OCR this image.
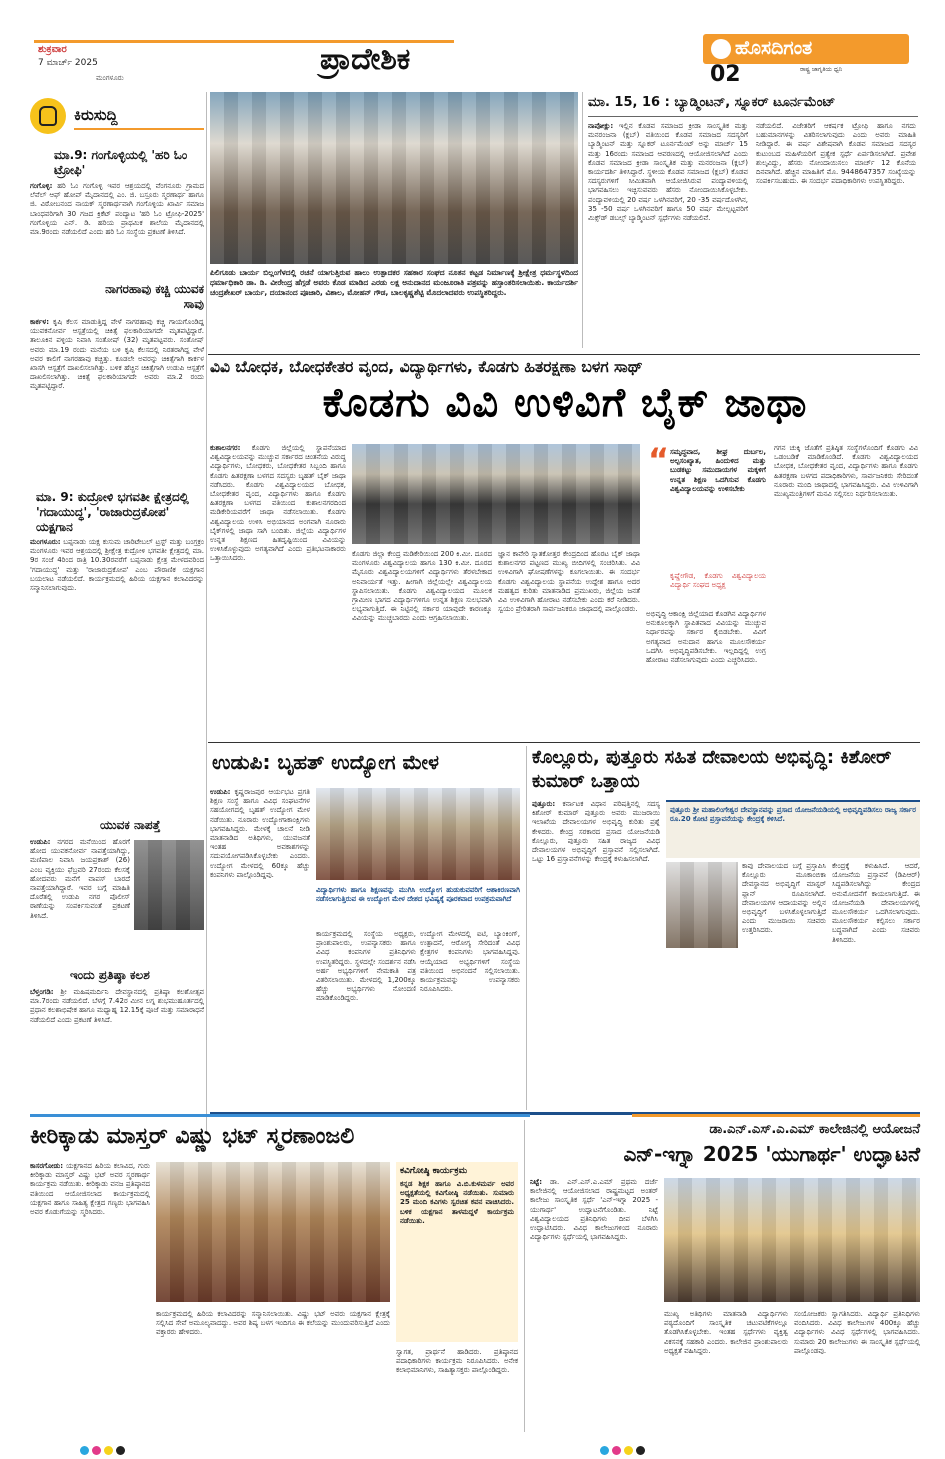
ಶುಕ್ರವಾರ
7 ಮಾರ್ಚ್ 2025
ಮಂಗಳೂರು
ಪ್ರಾದೇಶಿಕ	ಹೊಸದಿಗಂತ
ರಾಷ್ಟ್ರ ಜಾಗೃತಿಯ ಧ್ವನಿ
02
ಕಿರುಸುದ್ದಿ
ಮಾ.9: ಗಂಗೊಳ್ಳಿಯಲ್ಲಿ 'ಹರಿ ಓಂ ಟ್ರೋಫಿ'
ಗಂಗೊಳ್ಳಿ: ಹರಿ ಓಂ ಗಂಗೊಳ್ಳಿ ಇವರ ಆಶ್ರಯದಲ್ಲಿ ವೆಂಗನೂರು ಗ್ರಾಮದ ಲೆವೆಲ್ ಆಫ್ ಹೋಪ್ ಮೈದಾನದಲ್ಲಿ ಎಂ. ಜಿ. ಬಸ್ರೂರು ಸ್ಮರಣಾರ್ಥ ಹಾಗೂ ಜಿ. ವಿಠೋಬನಂದ ನಾಯಕ್ ಸ್ಮರಣಾರ್ಥವಾಗಿ ಗಂಗೊಳ್ಳಿಯ ಖಾರ್ವಿ ಸಮಾಜ ಬಾಂಧವರಿಗಾಗಿ 30 ಗಜದ ಕ್ರಿಕೆಟ್ ಪಂದ್ಯಾಟ 'ಹರಿ ಓಂ ಟ್ರೋಫಿ-2025' ಗಂಗೊಳ್ಳಿಯ ಎನ್. ಡಿ. ಹರಿಯ ಪ್ರಾಥಮಿಕ ಶಾಲೆಯ ಮೈದಾನದಲ್ಲಿ ಮಾ.9ರಂದು ನಡೆಯಲಿದೆ ಎಂದು ಹರಿ ಓಂ ಸಂಸ್ಥೆಯ ಪ್ರಕಟಣೆ ತಿಳಿಸಿದೆ.
ನಾಗರಹಾವು ಕಚ್ಚಿ ಯುವಕ ಸಾವು
ಕಾರ್ಕಳ: ಕೃಷಿ ಕೆಲಸ ಮಾಡುತ್ತಿದ್ದ ವೇಳೆ ನಾಗರಹಾವು ಕಚ್ಚಿ ಗಾಯಗೊಂಡಿದ್ದ ಯುವಕನೋರ್ವ ಆಸ್ಪತ್ರೆಯಲ್ಲಿ ಚಿಕಿತ್ಸೆ ಫಲಕಾರಿಯಾಗದೇ ಮೃತಪಟ್ಟಿದ್ದಾರೆ. ತಾಲೂಕಿನ ಪಳ್ಳಿಯ ನಿವಾಸಿ ಸಂತೋಷ್ (32) ಮೃತಪಟ್ಟವರು. ಸಂತೋಷ್ ಅವರು ಮಾ.19 ರಂದು ಮನೆಯ ಬಳಿ ಕೃಷಿ ಕೆಲಸದಲ್ಲಿ ನಿರತರಾಗಿದ್ದ ವೇಳೆ ಅವರ ಕಾಲಿಗೆ ನಾಗರಹಾವು ಕಚ್ಚಿತ್ತು. ಕೂಡಲೇ ಅವರನ್ನು ಚಿಕಿತ್ಸೆಗಾಗಿ ಕಾರ್ಕಳ ಖಾಸಗಿ ಆಸ್ಪತ್ರೆಗೆ ದಾಖಲಿಸಲಾಗಿತ್ತು. ಬಳಿಕ ಹೆಚ್ಚಿನ ಚಿಕಿತ್ಸೆಗಾಗಿ ಉಡುಪಿ ಆಸ್ಪತ್ರೆಗೆ ದಾಖಲಿಸಲಾಗಿತ್ತು. ಚಿಕಿತ್ಸೆ ಫಲಕಾರಿಯಾಗದೇ ಅವರು ಮಾ.2 ರಂದು ಮೃತಪಟ್ಟಿದ್ದಾರೆ.
ಮಾ. 9: ಕುದ್ರೋಳಿ ಭಗವತೀ ಕ್ಷೇತ್ರದಲ್ಲಿ 'ಗದಾಯುದ್ಧ', 'ರಾಜಾರುದ್ರಕೋಪ' ಯಕ್ಷಗಾನ
ಮಂಗಳೂರು: ಬಪ್ಪನಾಡು ಯಕ್ಷ ಕುಸುಮ ಚಾರಿಟೇಬಲ್ ಟ್ರಸ್ಟ್ ಮತ್ತು ಬಂಗ್ರಕ್ರಂ ಮಂಗಳೂರು ಇವರ ಆಶ್ರಯದಲ್ಲಿ ಶ್ರೀಕ್ಷೇತ್ರ ಕುದ್ರೋಳಿ ಭಗವತೀ ಕ್ಷೇತ್ರದಲ್ಲಿ ಮಾ. 9ರ ಸಂಜೆ 4ರಿಂದ ರಾತ್ರಿ 10.30ರವರೆಗೆ ಬಪ್ಪನಾಡು ಕ್ಷೇತ್ರ ಮೇಳದವರಿಂದ 'ಗದಾಯುದ್ಧ' ಮತ್ತು 'ರಾಜಾರುದ್ರಕೋಪ' ಎಂಬ ಪೌರಾಣಿಕ ಯಕ್ಷಗಾನ ಬಯಲಾಟ ನಡೆಯಲಿದೆ. ಕಾರ್ಯಕ್ರಮದಲ್ಲಿ ಹಿರಿಯ ಯಕ್ಷಗಾನ ಕಲಾವಿದರನ್ನು ಸನ್ಮಾನಿಸಲಾಗುವುದು.
ಯುವಕ ನಾಪತ್ತೆ
ಉಡುಪಿ: ನಗರದ ಮನೆಯಿಂದ ಹೊರಗೆ ಹೋದ ಯುವಕನೋರ್ವ ನಾಪತ್ತೆಯಾಗಿದ್ದು, ಮಣಿಪಾಲ ನಿವಾಸಿ ಜಯಪ್ರಕಾಶ್ (26) ಎಂಬ ವ್ಯಕ್ತಿಯು ಫೆಬ್ರವರಿ 27ರಂದು ಕೆಲಸಕ್ಕೆ ಹೋದವರು ಮನೆಗೆ ವಾಪಸ್ ಬಾರದೆ ನಾಪತ್ತೆಯಾಗಿದ್ದಾರೆ. ಇವರ ಬಗ್ಗೆ ಮಾಹಿತಿ ದೊರೆತಲ್ಲಿ ಉಡುಪಿ ನಗರ ಪೊಲೀಸ್ ಠಾಣೆಯನ್ನು ಸಂಪರ್ಕಿಸುವಂತೆ ಪ್ರಕಟಣೆ ತಿಳಿಸಿದೆ.
ಇಂದು ಪ್ರತಿಷ್ಠಾ ಕಲಶ
ಬೆಳ್ತಂಗಡಿ: ಶ್ರೀ ಮಹಿಷಮರ್ದಿನಿ ದೇವಸ್ಥಾನದಲ್ಲಿ ಪ್ರತಿಷ್ಠಾ ಕಲಶೋತ್ಸವ ಮಾ.7ರಂದು ನಡೆಯಲಿದೆ. ಬೆಳಗ್ಗೆ 7.42ರ ಮೀನ ಲಗ್ನ ಶುಭಮುಹೂರ್ತದಲ್ಲಿ ಪ್ರಧಾನ ಕಲಶಾಭಿಷೇಕ ಹಾಗೂ ಮಧ್ಯಾಹ್ನ 12.15ಕ್ಕೆ ಪೂಜೆ ಮತ್ತು ಸಮಾರಾಧನೆ ನಡೆಯಲಿದೆ ಎಂದು ಪ್ರಕಟಣೆ ತಿಳಿಸಿದೆ.
ಪಿಲಿಗೂಡು ಬಾರ್ಯ ಬಿಲ್ಲಂಗೆಳದಲ್ಲಿ ರಚನೆ ಯಾಗುತ್ತಿರುವ ಹಾಲು ಉತ್ಪಾದಕರ ಸಹಕಾರ ಸಂಘದ ನೂತನ ಕಟ್ಟಡ ನಿರ್ಮಾಣಕ್ಕೆ ಶ್ರೀಕ್ಷೇತ್ರ ಧರ್ಮಸ್ಥಳದಿಂದ ಧರ್ಮಾಧಿಕಾರಿ ಡಾ. ಡಿ. ವೀರೇಂದ್ರ ಹೆಗ್ಗಡೆ ಅವರು ಕೊಡ ಮಾಡಿದ ಎರಡು ಲಕ್ಷ ಅನುದಾನದ ಮಂಜೂರಾತಿ ಪತ್ರವನ್ನು ಹಸ್ತಾಂತರಿಸಲಾಯಿತು. ಕಾರ್ಯದರ್ಶಿ ಚಂದ್ರಶೇಖರ್ ಬಾರ್ಯ, ದಯಾನಂದ ಪೂಜಾರಿ, ವಿಶಾಲ, ಮೋಹನ್ ಗೌಡ, ಬಾಲಕೃಷ್ಣಶೆಟ್ಟಿ ಮೊದಲಾದವರು ಉಪಸ್ಥಿತರಿದ್ದರು.
ಮಾ. 15, 16 : ಬ್ಯಾಡ್ಮಿಂಟನ್, ಸ್ನೂಕರ್ ಟೂರ್ನಮೆಂಟ್
ನಾಪೋಕ್ಲು: ಇಲ್ಲಿನ ಕೊಡವ ಸಮಾಜದ ಕ್ರೀಡಾ ಸಾಂಸ್ಕೃತಿಕ ಮತ್ತು ಮನರಂಜನಾ (ಕ್ಲಬ್) ವತಿಯಿಂದ ಕೊಡವ ಸಮಾಜದ ಸದಸ್ಯರಿಗೆ ಬ್ಯಾಡ್ಮಿಂಟನ್ ಮತ್ತು ಸ್ನೂಕರ್ ಟೂರ್ನಮೆಂಟ್ ಅನ್ನು ಮಾರ್ಚ್ 15 ಮತ್ತು 16ರಂದು ಸಮಾಜದ ಆವರಣದಲ್ಲಿ ಆಯೋಜಿಸಲಾಗಿದೆ ಎಂದು ಕೊಡವ ಸಮಾಜದ ಕ್ರೀಡಾ ಸಾಂಸ್ಕೃತಿಕ ಮತ್ತು ಮನರಂಜನಾ (ಕ್ಲಬ್) ಕಾರ್ಯದರ್ಶಿ ತಿಳಿಸಿದ್ದಾರೆ. ಸ್ಥಳೀಯ ಕೊಡವ ಸಮಾಜದ (ಕ್ಲಬ್) ಕೊಡವ ಸದಸ್ಯರುಗಳಿಗೆ ಸೀಮಿತವಾಗಿ ಆಯೋಜಿಸಿರುವ ಪಂದ್ಯಾವಳಿಯಲ್ಲಿ ಭಾಗವಹಿಸಲು ಇಚ್ಛಿಸುವವರು ಹೆಸರು ನೋಂದಾಯಿಸಿಕೊಳ್ಳಬೇಕು. ಪಂದ್ಯಾವಳಿಯಲ್ಲಿ 20 ವರ್ಷ ಒಳಗಿನವರಿಗೆ, 20 -35 ವರ್ಷದೊಳಗಿನ, 35 -50 ವರ್ಷ ಒಳಗಿನವರಿಗೆ ಹಾಗೂ 50 ವರ್ಷ ಮೇಲ್ಪಟ್ಟವರಿಗೆ ಮಿಕ್ಸ್‌ಡ್ ಡಬಲ್ಸ್ ಬ್ಯಾಡ್ಮಿಂಟನ್ ಸ್ಪರ್ಧೆಗಳು ನಡೆಯಲಿವೆ.
ನಡೆಯಲಿದೆ. ವಿಜೇತರಿಗೆ ಆಕರ್ಷಕ ಟ್ರೋಫಿ ಹಾಗೂ ನಗದು ಬಹುಮಾನಗಳನ್ನು ವಿತರಿಸಲಾಗುವುದು ಎಂದು ಅವರು ಮಾಹಿತಿ ನೀಡಿದ್ದಾರೆ. ಈ ವರ್ಷ ವಿಶೇಷವಾಗಿ ಕೊಡವ ಸಮಾಜದ ಸದಸ್ಯರ ಕುಟುಂಬದ ಮಹಿಳೆಯರಿಗೆ ಪ್ರತ್ಯೇಕ ಸ್ಪರ್ಧೆ ಏರ್ಪಡಿಸಲಾಗಿದೆ. ಪ್ರವೇಶ ಶುಲ್ಕವಿದ್ದು, ಹೆಸರು ನೋಂದಾಯಿಸಲು ಮಾರ್ಚ್ 12 ಕೊನೆಯ ದಿನವಾಗಿದೆ. ಹೆಚ್ಚಿನ ಮಾಹಿತಿಗೆ ಮೊ. 9448647357 ಸಂಖ್ಯೆಯನ್ನು ಸಂಪರ್ಕಿಸಬಹುದು. ಈ ಸಂದರ್ಭ ಪದಾಧಿಕಾರಿಗಳು ಉಪಸ್ಥಿತರಿದ್ದರು.
ವಿವಿ ಬೋಧಕ, ಬೋಧಕೇತರ ವೃಂದ, ವಿದ್ಯಾರ್ಥಿಗಳು, ಕೊಡಗು ಹಿತರಕ್ಷಣಾ ಬಳಗ ಸಾಥ್
ಕೊಡಗು ವಿವಿ ಉಳಿವಿಗೆ ಬೈಕ್ ಜಾಥಾ
ಕುಶಾಲನಗರ: ಕೊಡಗು ಜಿಲ್ಲೆಯಲ್ಲಿ ಸ್ಥಾಪನೆಯಾದ ವಿಶ್ವವಿದ್ಯಾಲಯವನ್ನು ಮುಚ್ಚುವ ಸರ್ಕಾರದ ಚಿಂತನೆಯ ವಿರುದ್ಧ ವಿದ್ಯಾರ್ಥಿಗಳು, ಬೋಧಕರು, ಬೋಧಕೇತರ ಸಿಬ್ಬಂದಿ ಹಾಗೂ ಕೊಡಗು ಹಿತರಕ್ಷಣಾ ಬಳಗದ ಸದಸ್ಯರು ಬೃಹತ್ ಬೈಕ್ ಜಾಥಾ ನಡೆಸಿದರು. ಕೊಡಗು ವಿಶ್ವವಿದ್ಯಾಲಯದ ಬೋಧಕ, ಬೋಧಕೇತರ ವೃಂದ, ವಿದ್ಯಾರ್ಥಿಗಳು ಹಾಗೂ ಕೊಡಗು ಹಿತರಕ್ಷಣಾ ಬಳಗದ ವತಿಯಿಂದ ಕುಶಾಲನಗರದಿಂದ ಮಡಿಕೇರಿಯವರೆಗೆ ಜಾಥಾ ನಡೆಸಲಾಯಿತು. ಕೊಡಗು ವಿಶ್ವವಿದ್ಯಾಲಯ ಉಳಿಸಿ ಅಭಿಯಾನದ ಅಂಗವಾಗಿ ನೂರಾರು ಬೈಕ್‌ಗಳಲ್ಲಿ ಜಾಥಾ ಸಾಗಿ ಬಂದಿತು. ಜಿಲ್ಲೆಯ ವಿದ್ಯಾರ್ಥಿಗಳ ಉನ್ನತ ಶಿಕ್ಷಣದ ಹಿತದೃಷ್ಟಿಯಿಂದ ವಿವಿಯನ್ನು ಉಳಿಸಿಕೊಳ್ಳುವುದು ಅಗತ್ಯವಾಗಿದೆ ಎಂದು ಪ್ರತಿಭಟನಾಕಾರರು ಒತ್ತಾಯಿಸಿದರು.
ಕೊಡಗು ಜಿಲ್ಲಾ ಕೇಂದ್ರ ಮಡಿಕೇರಿಯಿಂದ 200 ಕಿ.ಮೀ. ದೂರದ ಮಂಗಳೂರು ವಿಶ್ವವಿದ್ಯಾಲಯ ಹಾಗೂ 130 ಕಿ.ಮೀ. ದೂರದ ಮೈಸೂರು ವಿಶ್ವವಿದ್ಯಾಲಯಗಳಿಗೆ ವಿದ್ಯಾರ್ಥಿಗಳು ತೆರಳಬೇಕಾದ ಅನಿವಾರ್ಯತೆ ಇತ್ತು. ಹೀಗಾಗಿ ಜಿಲ್ಲೆಯಲ್ಲೇ ವಿಶ್ವವಿದ್ಯಾಲಯ ಸ್ಥಾಪಿಸಲಾಯಿತು. ಕೊಡಗು ವಿಶ್ವವಿದ್ಯಾಲಯದ ಮೂಲಕ ಗ್ರಾಮೀಣ ಭಾಗದ ವಿದ್ಯಾರ್ಥಿಗಳಿಗೂ ಉನ್ನತ ಶಿಕ್ಷಣ ಸುಲಭವಾಗಿ ಲಭ್ಯವಾಗುತ್ತಿದೆ. ಈ ನಿಟ್ಟಿನಲ್ಲಿ ಸರ್ಕಾರ ಯಾವುದೇ ಕಾರಣಕ್ಕೂ ವಿವಿಯನ್ನು ಮುಚ್ಚಬಾರದು ಎಂದು ಆಗ್ರಹಿಸಲಾಯಿತು.
ಜ್ಞಾನ ಕಾವೇರಿ ಸ್ನಾತಕೋತ್ತರ ಕೇಂದ್ರದಿಂದ ಹೊರಟ ಬೈಕ್ ಜಾಥಾ ಕುಶಾಲನಗರ ಪಟ್ಟಣದ ಮುಖ್ಯ ಬೀದಿಗಳಲ್ಲಿ ಸಂಚರಿಸಿತು. ವಿವಿ ಉಳಿವಿಗಾಗಿ ಘೋಷಣೆಗಳನ್ನು ಕೂಗಲಾಯಿತು. ಈ ಸಂದರ್ಭ ಕೊಡಗು ವಿಶ್ವವಿದ್ಯಾಲಯ ಸ್ಥಾಪನೆಯ ಉದ್ದೇಶ ಹಾಗೂ ಅದರ ಮಹತ್ವದ ಕುರಿತು ಮಾತನಾಡಿದ ಪ್ರಮುಖರು, ಜಿಲ್ಲೆಯ ಜನತೆ ವಿವಿ ಉಳಿವಿಗಾಗಿ ಹೋರಾಟ ನಡೆಸಬೇಕು ಎಂದು ಕರೆ ನೀಡಿದರು. ಸ್ವಯಂ ಪ್ರೇರಿತರಾಗಿ ಸಾರ್ವಜನಿಕರೂ ಜಾಥಾದಲ್ಲಿ ಪಾಲ್ಗೊಂಡರು.
“ ಸಮೃದ್ಧವಾದ, ಶೀಘ್ರ ದುರ್ಬಲ, ಅಲ್ಪಸಂಖ್ಯಾತ, ಹಿಂದುಳಿದ ಮತ್ತು ಬುಡಕಟ್ಟು ಸಮುದಾಯಗಳ ಮಕ್ಕಳಿಗೆ ಉನ್ನತ ಶಿಕ್ಷಣ ಒದಗಿಸುವ ಕೊಡಗು ವಿಶ್ವವಿದ್ಯಾಲಯವನ್ನು ಉಳಿಸಬೇಕು
ಕೃಷ್ಣೇಗೌಡ, ಕೊಡಗು ವಿಶ್ವವಿದ್ಯಾಲಯ ವಿದ್ಯಾರ್ಥಿ ಸಂಘದ ಅಧ್ಯಕ್ಷ
ಅಭಿವೃದ್ಧಿ ಆಕಾಂಕ್ಷಿ ಜಿಲ್ಲೆಯಾದ ಕೊಡಗಿನ ವಿದ್ಯಾರ್ಥಿಗಳ ಅನುಕೂಲಕ್ಕಾಗಿ ಸ್ಥಾಪಿತವಾದ ವಿವಿಯನ್ನು ಮುಚ್ಚುವ ನಿರ್ಧಾರವನ್ನು ಸರ್ಕಾರ ಕೈಬಿಡಬೇಕು. ವಿವಿಗೆ ಅಗತ್ಯವಾದ ಅನುದಾನ ಹಾಗೂ ಮೂಲಸೌಕರ್ಯ ಒದಗಿಸಿ ಅಭಿವೃದ್ಧಿಪಡಿಸಬೇಕು. ಇಲ್ಲದಿದ್ದಲ್ಲಿ ಉಗ್ರ ಹೋರಾಟ ನಡೆಸಲಾಗುವುದು ಎಂದು ಎಚ್ಚರಿಸಿದರು.
ಗಗನ ಚುಕ್ಕಿ ಜೊತೆಗೆ ಪ್ರತಿಷ್ಠಿತ ಸಂಸ್ಥೆಗಳೊಂದಿಗೆ ಕೊಡಗು ವಿವಿ ಒಡಂಬಡಿಕೆ ಮಾಡಿಕೊಂಡಿದೆ. ಕೊಡಗು ವಿಶ್ವವಿದ್ಯಾಲಯದ ಬೋಧಕ, ಬೋಧಕೇತರ ವೃಂದ, ವಿದ್ಯಾರ್ಥಿಗಳು ಹಾಗೂ ಕೊಡಗು ಹಿತರಕ್ಷಣಾ ಬಳಗದ ಪದಾಧಿಕಾರಿಗಳು, ಸಾರ್ವಜನಿಕರು ಸೇರಿದಂತೆ ನೂರಾರು ಮಂದಿ ಜಾಥಾದಲ್ಲಿ ಭಾಗವಹಿಸಿದ್ದರು. ವಿವಿ ಉಳಿವಿಗಾಗಿ ಮುಖ್ಯಮಂತ್ರಿಗಳಿಗೆ ಮನವಿ ಸಲ್ಲಿಸಲು ನಿರ್ಧರಿಸಲಾಯಿತು.
ಉಡುಪಿ: ಬೃಹತ್ ಉದ್ಯೋಗ ಮೇಳ
ಉಡುಪಿ: ಕೃಷ್ಣರಾಜಪುರ ಆರ್ಯಭಟ ಪ್ರಗತಿ ಶಿಕ್ಷಣ ಸಂಸ್ಥೆ ಹಾಗೂ ವಿವಿಧ ಸಂಘಟನೆಗಳ ಸಹಯೋಗದಲ್ಲಿ ಬೃಹತ್ ಉದ್ಯೋಗ ಮೇಳ ನಡೆಯಿತು. ನೂರಾರು ಉದ್ಯೋಗಾಕಾಂಕ್ಷಿಗಳು ಭಾಗವಹಿಸಿದ್ದರು. ಮೇಳಕ್ಕೆ ಚಾಲನೆ ನೀಡಿ ಮಾತನಾಡಿದ ಅತಿಥಿಗಳು, ಯುವಜನತೆ ಇಂತಹ ಅವಕಾಶಗಳನ್ನು ಸದುಪಯೋಗಪಡಿಸಿಕೊಳ್ಳಬೇಕು ಎಂದರು. ಉದ್ಯೋಗ ಮೇಳದಲ್ಲಿ 60ಕ್ಕೂ ಹೆಚ್ಚು ಕಂಪನಿಗಳು ಪಾಲ್ಗೊಂಡಿದ್ದವು.
ವಿದ್ಯಾರ್ಥಿಗಳು ಹಾಗೂ ಶಿಕ್ಷಣವನ್ನು ಮುಗಿಸಿ ಉದ್ಯೋಗ ಹುಡುಕುವವರಿಗೆ ಆಶಾಕಿರಣವಾಗಿ ನಡೆಸಲಾಗುತ್ತಿರುವ ಈ ಉದ್ಯೋಗ ಮೇಳ ದೇಶದ ಭವಿಷ್ಯಕ್ಕೆ ಪೂರಕವಾದ ಉಪಕ್ರಮವಾಗಿದೆ
ಕಾರ್ಯಕ್ರಮದಲ್ಲಿ ಸಂಸ್ಥೆಯ ಅಧ್ಯಕ್ಷರು, ಪ್ರಾಂಶುಪಾಲರು, ಉಪನ್ಯಾಸಕರು ಹಾಗೂ ವಿವಿಧ ಕಂಪನಿಗಳ ಪ್ರತಿನಿಧಿಗಳು ಉಪಸ್ಥಿತರಿದ್ದರು. ಸ್ಥಳದಲ್ಲೇ ಸಂದರ್ಶನ ನಡೆಸಿ ಅರ್ಹ ಅಭ್ಯರ್ಥಿಗಳಿಗೆ ನೇಮಕಾತಿ ಪತ್ರ ವಿತರಿಸಲಾಯಿತು. ಮೇಳದಲ್ಲಿ 1,200ಕ್ಕೂ ಹೆಚ್ಚು ಅಭ್ಯರ್ಥಿಗಳು ನೋಂದಣಿ ಮಾಡಿಕೊಂಡಿದ್ದರು.
ಉದ್ಯೋಗ ಮೇಳದಲ್ಲಿ ಐಟಿ, ಬ್ಯಾಂಕಿಂಗ್, ಉತ್ಪಾದನೆ, ಆರೋಗ್ಯ ಸೇರಿದಂತೆ ವಿವಿಧ ಕ್ಷೇತ್ರಗಳ ಕಂಪನಿಗಳು ಭಾಗವಹಿಸಿದ್ದವು. ಆಯ್ಕೆಯಾದ ಅಭ್ಯರ್ಥಿಗಳಿಗೆ ಸಂಸ್ಥೆಯ ವತಿಯಿಂದ ಅಭಿನಂದನೆ ಸಲ್ಲಿಸಲಾಯಿತು. ಕಾರ್ಯಕ್ರಮವನ್ನು ಉಪನ್ಯಾಸಕರು ನಿರೂಪಿಸಿದರು.
ಕೊಲ್ಲೂರು, ಪುತ್ತೂರು ಸಹಿತ ದೇವಾಲಯ ಅಭಿವೃದ್ಧಿ: ಕಿಶೋರ್ ಕುಮಾರ್ ಒತ್ತಾಯ
ಪುತ್ತೂರು: ಕರ್ನಾಟಕ ವಿಧಾನ ಪರಿಷತ್ತಿನಲ್ಲಿ ಸದಸ್ಯ ಕಿಶೋರ್ ಕುಮಾರ್ ಪುತ್ತೂರು ಅವರು ಮುಜರಾಯಿ ಇಲಾಖೆಯ ದೇವಾಲಯಗಳ ಅಭಿವೃದ್ಧಿ ಕುರಿತು ಪ್ರಶ್ನೆ ಕೇಳಿದರು. ಕೇಂದ್ರ ಸರಕಾರದ ಪ್ರಸಾದ ಯೋಜನೆಯಡಿ ಕೊಲ್ಲೂರು, ಪುತ್ತೂರು ಸಹಿತ ರಾಜ್ಯದ ವಿವಿಧ ದೇವಾಲಯಗಳ ಅಭಿವೃದ್ಧಿಗೆ ಪ್ರಸ್ತಾವನೆ ಸಲ್ಲಿಸಲಾಗಿದೆ. ಒಟ್ಟು 16 ಪ್ರಸ್ತಾವನೆಗಳನ್ನು ಕೇಂದ್ರಕ್ಕೆ ಕಳುಹಿಸಲಾಗಿದೆ.
ಪುತ್ತೂರು ಶ್ರೀ ಮಹಾಲಿಂಗೇಶ್ವರ ದೇವಸ್ಥಾನವನ್ನು ಪ್ರಸಾದ ಯೋಜನೆಯಡಿಯಲ್ಲಿ ಅಭಿವೃದ್ಧಿಪಡಿಸಲು ರಾಜ್ಯ ಸರ್ಕಾರ ರೂ.20 ಕೋಟಿ ಪ್ರಸ್ತಾವನೆಯನ್ನು ಕೇಂದ್ರಕ್ಕೆ ಕಳಿಸಿದೆ.
ಕಾವು ದೇವಾಲಯದ ಬಗ್ಗೆ ಪ್ರಸ್ತಾಪಿಸಿ ಕೊಲ್ಲೂರು ಮೂಕಾಂಬಿಕಾ ದೇವಸ್ಥಾನದ ಅಭಿವೃದ್ಧಿಗೆ ಮಾಸ್ಟರ್ ಪ್ಲಾನ್ ರೂಪಿಸಲಾಗಿದೆ. ದೇವಾಲಯಗಳ ಆದಾಯವನ್ನು ಅಲ್ಲಿನ ಅಭಿವೃದ್ಧಿಗೆ ಬಳಸಿಕೊಳ್ಳಲಾಗುತ್ತಿದೆ ಎಂದು ಮುಜರಾಯಿ ಸಚಿವರು ಉತ್ತರಿಸಿದರು.
ಕೇಂದ್ರಕ್ಕೆ ಕಳುಹಿಸಿದೆ. ಆದರೆ, ಯೋಜನೆಯ ಪ್ರಸ್ತಾವನೆ (ಡಿಪಿಆರ್) ಸಿದ್ಧಪಡಿಸಲಾಗಿದ್ದು ಕೇಂದ್ರದ ಅನುಮೋದನೆಗೆ ಕಾಯಲಾಗುತ್ತಿದೆ. ಈ ಯೋಜನೆಯಡಿ ದೇವಾಲಯಗಳಲ್ಲಿ ಮೂಲಸೌಕರ್ಯ ಒದಗಿಸಲಾಗುವುದು. ಮೂಲಸೌಕರ್ಯ ಕಲ್ಪಿಸಲು ಸರ್ಕಾರ ಬದ್ಧವಾಗಿದೆ ಎಂದು ಸಚಿವರು ತಿಳಿಸಿದರು.
ಕೀರಿಕ್ಕಾಡು ಮಾಸ್ತರ್ ವಿಷ್ಣು ಭಟ್ ಸ್ಮರಣಾಂಜಲಿ
ಕಾಸರಗೋಡು: ಯಕ್ಷಗಾನದ ಹಿರಿಯ ಕಲಾವಿದ, ಗುರು ಕೀರಿಕ್ಕಾಡು ಮಾಸ್ತರ್ ವಿಷ್ಣು ಭಟ್ ಅವರ ಸ್ಮರಣಾರ್ಥ ಕಾರ್ಯಕ್ರಮ ನಡೆಯಿತು. ಕೀರಿಕ್ಕಾಡು ವನಜ ಪ್ರತಿಷ್ಠಾನದ ವತಿಯಿಂದ ಆಯೋಜಿಸಲಾದ ಕಾರ್ಯಕ್ರಮದಲ್ಲಿ ಯಕ್ಷಗಾನ ಹಾಗೂ ಸಾಹಿತ್ಯ ಕ್ಷೇತ್ರದ ಗಣ್ಯರು ಭಾಗವಹಿಸಿ ಅವರ ಕೊಡುಗೆಯನ್ನು ಸ್ಮರಿಸಿದರು.
ಕಾರ್ಯಕ್ರಮದಲ್ಲಿ ಹಿರಿಯ ಕಲಾವಿದರನ್ನು ಸನ್ಮಾನಿಸಲಾಯಿತು. ವಿಷ್ಣು ಭಟ್ ಅವರು ಯಕ್ಷಗಾನ ಕ್ಷೇತ್ರಕ್ಕೆ ಸಲ್ಲಿಸಿದ ಸೇವೆ ಅಮೂಲ್ಯವಾದದ್ದು. ಅವರ ಶಿಷ್ಯ ಬಳಗ ಇಂದಿಗೂ ಈ ಕಲೆಯನ್ನು ಮುಂದುವರಿಸುತ್ತಿದೆ ಎಂದು ವಕ್ತಾರರು ಹೇಳಿದರು.
ಕವಿಗೋಷ್ಠಿ ಕಾರ್ಯಕ್ರಮ
ಕನ್ನಡ ಶಿಕ್ಷಕ ಹಾಗೂ ವಿ.ಬಿ.ಕುಳಮರ್ವ ಅವರ ಅಧ್ಯಕ್ಷತೆಯಲ್ಲಿ ಕವಿಗೋಷ್ಠಿ ನಡೆಯಿತು. ಸುಮಾರು 25 ಮಂದಿ ಕವಿಗಳು ಸ್ವರಚಿತ ಕವನ ವಾಚಿಸಿದರು. ಬಳಿಕ ಯಕ್ಷಗಾನ ತಾಳಮದ್ದಳೆ ಕಾರ್ಯಕ್ರಮ ನಡೆಯಿತು.
ಸ್ವಾಗತ, ಪ್ರಾರ್ಥನೆ ಹಾಡಿದರು. ಪ್ರತಿಷ್ಠಾನದ ಪದಾಧಿಕಾರಿಗಳು ಕಾರ್ಯಕ್ರಮ ನಿರೂಪಿಸಿದರು. ಅನೇಕ ಕಲಾಭಿಮಾನಿಗಳು, ಸಾಹಿತ್ಯಾಸಕ್ತರು ಪಾಲ್ಗೊಂಡಿದ್ದರು.
ಡಾ.ಎನ್.ಎಸ್.ಎ.ಎಮ್ ಕಾಲೇಜಿನಲ್ಲಿ ಆಯೋಜನೆ
ಎನ್-ಇಗ್ನಾ 2025 'ಯುಗಾರ್ಥ' ಉದ್ಘಾಟನೆ
ನಿಟ್ಟೆ: ಡಾ. ಎನ್.ಎಸ್.ಎ.ಎಮ್ ಪ್ರಥಮ ದರ್ಜೆ ಕಾಲೇಜಿನಲ್ಲಿ ಆಯೋಜಿಸಲಾದ ರಾಷ್ಟ್ರಮಟ್ಟದ ಅಂತರ್ ಕಾಲೇಜು ಸಾಂಸ್ಕೃತಿಕ ಸ್ಪರ್ಧೆ 'ಎನ್-ಇಗ್ನಾ 2025 - ಯುಗಾರ್ಥ' ಉದ್ಘಾಟನೆಗೊಂಡಿತು. ನಿಟ್ಟೆ ವಿಶ್ವವಿದ್ಯಾಲಯದ ಪ್ರತಿನಿಧಿಗಳು ದೀಪ ಬೆಳಗಿಸಿ ಉದ್ಘಾಟಿಸಿದರು. ವಿವಿಧ ಕಾಲೇಜುಗಳಿಂದ ನೂರಾರು ವಿದ್ಯಾರ್ಥಿಗಳು ಸ್ಪರ್ಧೆಯಲ್ಲಿ ಭಾಗವಹಿಸಿದ್ದರು.
ಮುಖ್ಯ ಅತಿಥಿಗಳು ಮಾತನಾಡಿ ವಿದ್ಯಾರ್ಥಿಗಳು ಪಠ್ಯದೊಂದಿಗೆ ಸಾಂಸ್ಕೃತಿಕ ಚಟುವಟಿಕೆಗಳಲ್ಲೂ ತೊಡಗಿಸಿಕೊಳ್ಳಬೇಕು. ಇಂತಹ ಸ್ಪರ್ಧೆಗಳು ವ್ಯಕ್ತಿತ್ವ ವಿಕಸನಕ್ಕೆ ಸಹಕಾರಿ ಎಂದರು. ಕಾಲೇಜಿನ ಪ್ರಾಂಶುಪಾಲರು ಅಧ್ಯಕ್ಷತೆ ವಹಿಸಿದ್ದರು.
ಸಂಯೋಜಕರು ಸ್ವಾಗತಿಸಿದರು. ವಿದ್ಯಾರ್ಥಿ ಪ್ರತಿನಿಧಿಗಳು ವಂದಿಸಿದರು. ವಿವಿಧ ಕಾಲೇಜುಗಳ 400ಕ್ಕೂ ಹೆಚ್ಚು ವಿದ್ಯಾರ್ಥಿಗಳು ವಿವಿಧ ಸ್ಪರ್ಧೆಗಳಲ್ಲಿ ಭಾಗವಹಿಸಿದರು. ಸುಮಾರು 20 ಕಾಲೇಜುಗಳು ಈ ಸಾಂಸ್ಕೃತಿಕ ಸ್ಪರ್ಧೆಯಲ್ಲಿ ಪಾಲ್ಗೊಂಡವು.
